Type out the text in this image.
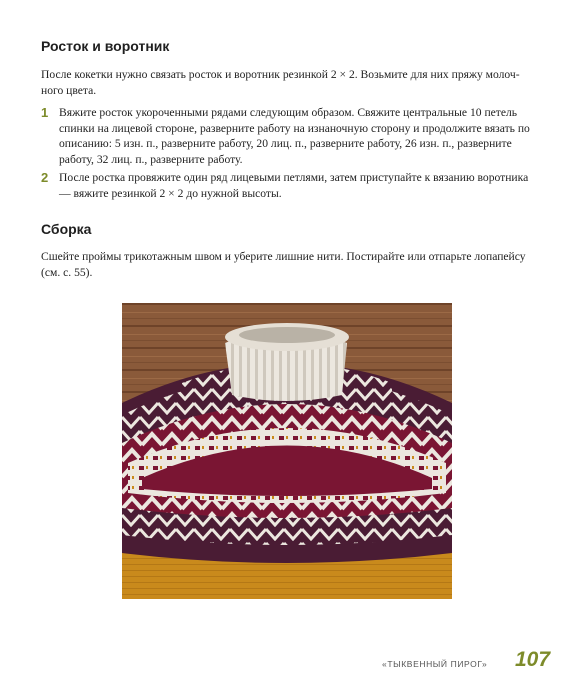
Росток и воротник

После кокетки нужно связать росток и воротник резинкой 2 × 2. Возьмите для них пряжу молочного цвета.

1 Вяжите росток укороченными рядами следующим образом. Свяжите центральные 10 петель спинки на лицевой стороне, разверните работу на изнаночную сторону и продолжите вязать по описанию: 5 изн. п., разверните работу, 20 лиц. п., разверните работу, 26 изн. п., разверните работу, 32 лиц. п., разверните работу.

2 После ростка провяжите один ряд лицевыми петлями, затем приступайте к вязанию воротника — вяжите резинкой 2 × 2 до нужной высоты.

Сборка

Сшейте проймы трикотажным швом и уберите лишние нити. Постирайте или отпарьте лопапейсу (см. с. 55).

«ТЫКВЕННЫЙ ПИРОГ» 107
